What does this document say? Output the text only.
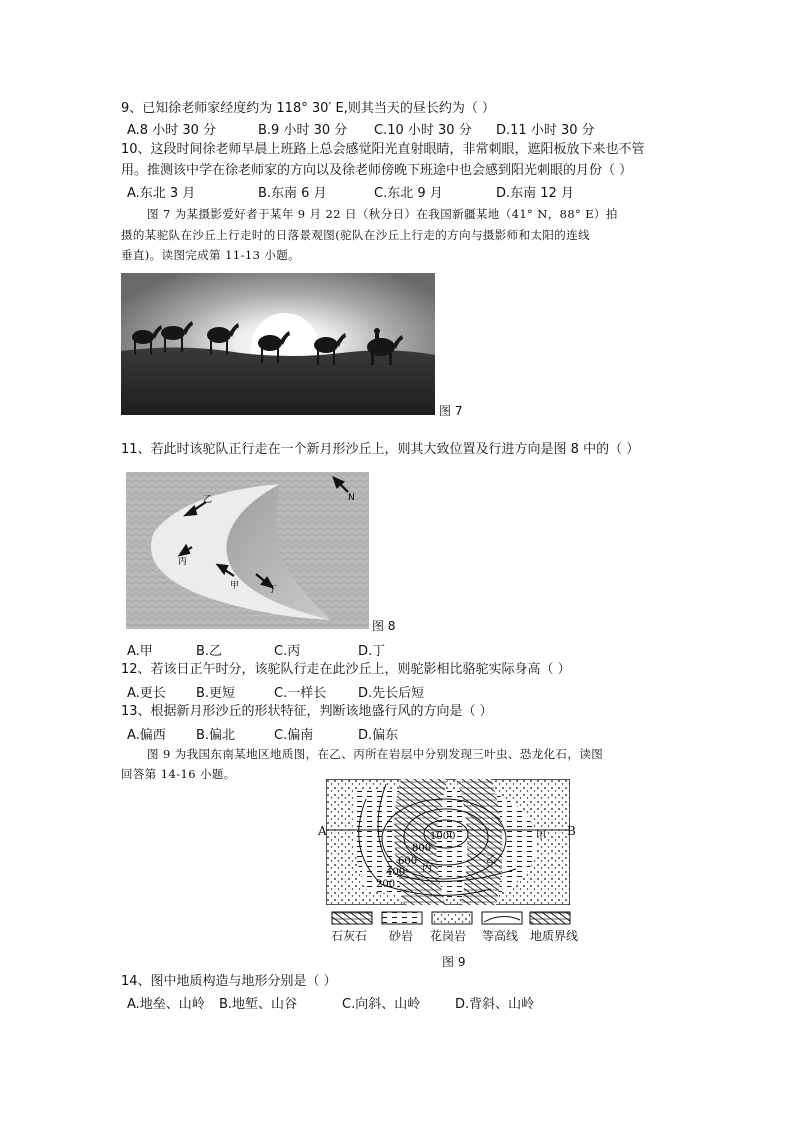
9、已知徐老师家经度约为 118° 30′ E,则其当天的昼长约为（ ）
A.8 小时 30 分	B.9 小时 30 分 C.10 小时 30 分 D.11 小时 30 分
10、这段时间徐老师早晨上班路上总会感觉阳光直射眼睛，非常刺眼，遮阳板放下来也不管
用。推测该中学在徐老师家的方向以及徐老师傍晚下班途中也会感到阳光刺眼的月份（ ）
A.东北 3 月	B.东南 6 月	C.东北 9 月	D.东南 12 月
图 7 为某摄影爱好者于某年 9 月 22 日（秋分日）在我国新疆某地（41° N，88° E）拍
摄的某驼队在沙丘上行走时的日落景观图(驼队在沙丘上行走的方向与摄影师和太阳的连线
垂直)。读图完成第 11-13 小题。
图 7
11、若此时该驼队正行走在一个新月形沙丘上，则其大致位置及行进方向是图 8 中的（ ）
乙
丙
甲	丁
N
图 8
A.甲	B.乙	C.丙	D.丁
12、若该日正午时分，该驼队行走在此沙丘上，则驼影相比骆驼实际身高（ ）
A.更长 B.更短	C.一样长 D.先长后短
13、根据新月形沙丘的形状特征，判断该地盛行风的方向是（ ）
A.偏西 B.偏北	C.偏南	D.偏东
图 9 为我国东南某地区地质图，在乙、丙所在岩层中分别发现三叶虫、恐龙化石，读图
回答第 14-16 小题。
1000
800
600
400
200
丙
甲
乙
A	B
石灰石 砂岩 花岗岩 等高线 地质界线
图 9
14、图中地质构造与地形分别是（ ）
A.地垒、山岭 B.地堑、山谷	C.向斜、山岭	D.背斜、山岭
